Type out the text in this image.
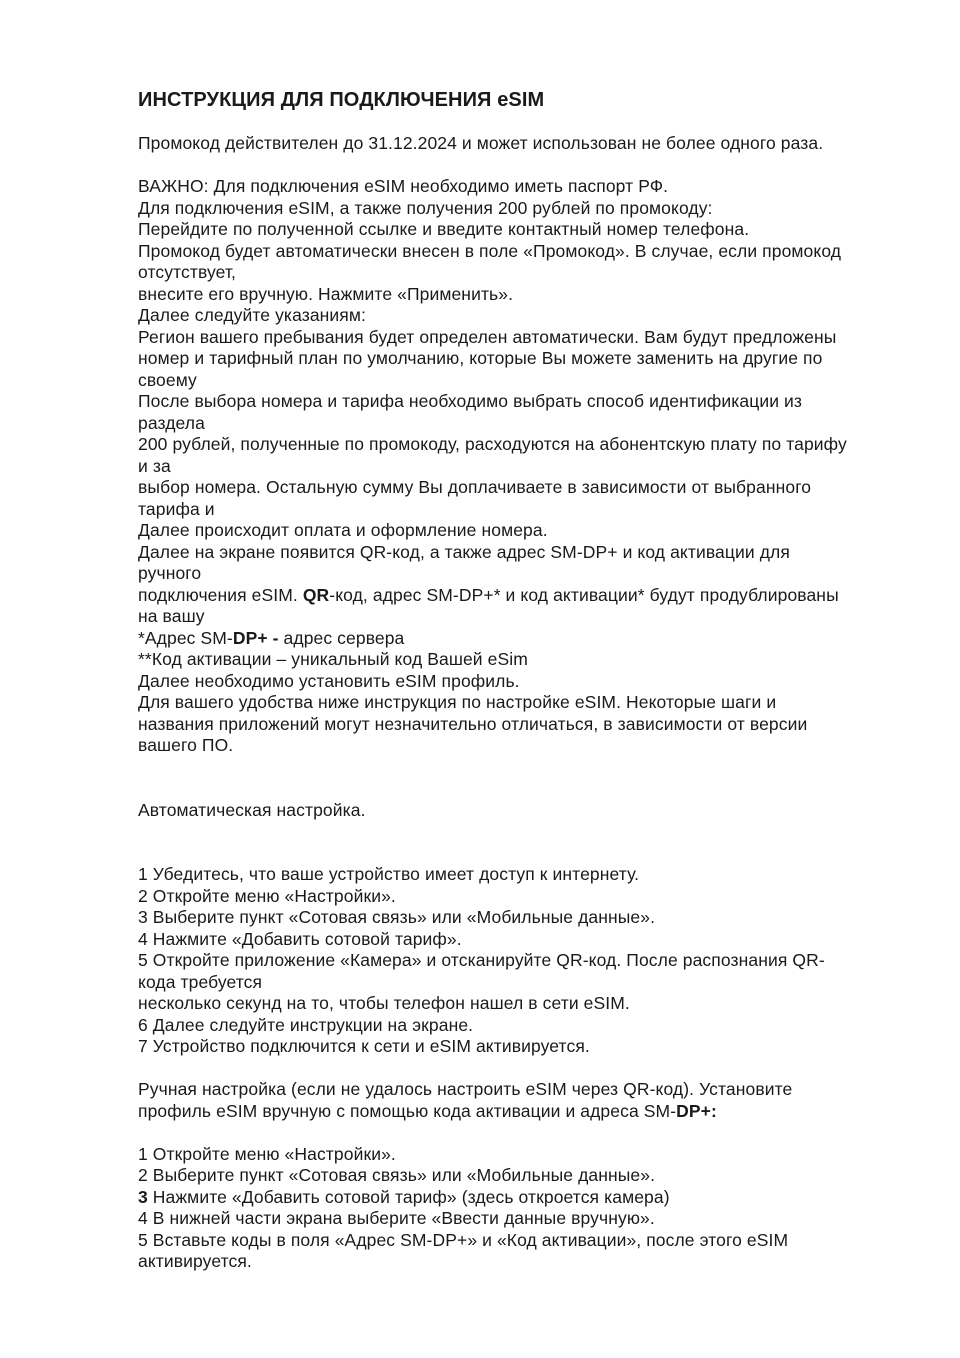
ИНСТРУКЦИЯ ДЛЯ ПОДКЛЮЧЕНИЯ eSIM

Промокод действителен до 31.12.2024 и может использован не более одного раза.

ВАЖНО: Для подключения eSIM необходимо иметь паспорт РФ.
Для подключения eSIM, а также получения 200 рублей по промокоду:
Перейдите по полученной ссылке и введите контактный номер телефона.
Промокод будет автоматически внесен в поле «Промокод». В случае, если промокод
отсутствует,
внесите его вручную. Нажмите «Применить».
Далее следуйте указаниям:
Регион вашего пребывания будет определен автоматически. Вам будут предложены
номер и тарифный план по умолчанию, которые Вы можете заменить на другие по
своему
После выбора номера и тарифа необходимо выбрать способ идентификации из
раздела
200 рублей, полученные по промокоду, расходуются на абонентскую плату по тарифу
и за
выбор номера. Остальную сумму Вы доплачиваете в зависимости от выбранного
тарифа и
Далее происходит оплата и оформление номера.
Далее на экране появится QR-код, а также адрес SM-DP+ и код активации для
ручного
подключения eSIM. QR-код, адрес SM-DP+* и код активации* будут продублированы
на вашу
*Адрес SM-DP+ - адрес сервера
**Код активации – уникальный код Вашей eSim
Далее необходимо установить eSIM профиль.
Для вашего удобства ниже инструкция по настройке eSIM. Некоторые шаги и
названия приложений могут незначительно отличаться, в зависимости от версии
вашего ПО.

Автоматическая настройка.

1 Убедитесь, что ваше устройство имеет доступ к интернету.
2 Откройте меню «Настройки».
3 Выберите пункт «Сотовая связь» или «Мобильные данные».
4 Нажмите «Добавить сотовой тариф».
5 Откройте приложение «Камера» и отсканируйте QR-код. После распознания QR-
кода требуется
несколько секунд на то, чтобы телефон нашел в сети eSIM.
6 Далее следуйте инструкции на экране.
7 Устройство подключится к сети и eSIM активируется.

Ручная настройка (если не удалось настроить eSIM через QR-код). Установите
профиль eSIM вручную с помощью кода активации и адреса SM-DP+:

1 Откройте меню «Настройки».
2 Выберите пункт «Сотовая связь» или «Мобильные данные».
3 Нажмите «Добавить сотовой тариф» (здесь откроется камера)
4 В нижней части экрана выберите «Ввести данные вручную».
5 Вставьте коды в поля «Адрес SM-DP+» и «Код активации», после этого eSIM
активируется.
